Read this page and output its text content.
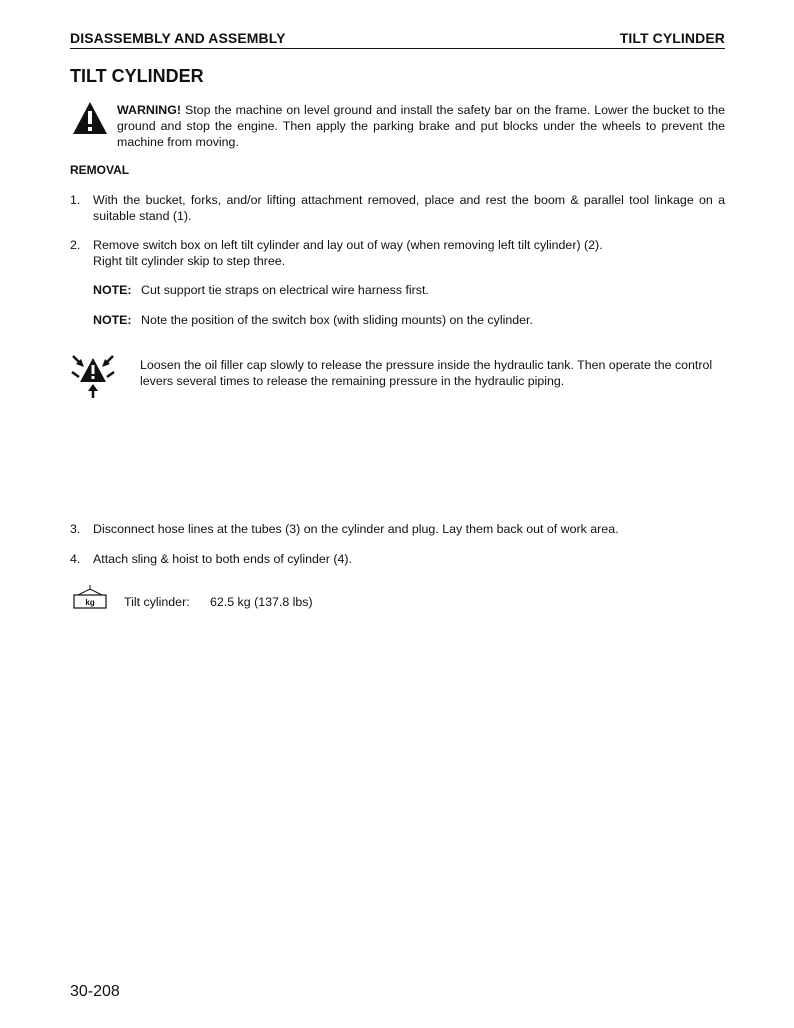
DISASSEMBLY AND ASSEMBLY	TILT CYLINDER
TILT CYLINDER
WARNING! Stop the machine on level ground and install the safety bar on the frame. Lower the bucket to the ground and stop the engine. Then apply the parking brake and put blocks under the wheels to prevent the machine from moving.
REMOVAL
1.	With the bucket, forks, and/or lifting attachment removed, place and rest the boom & parallel tool linkage on a suitable stand (1).
2.	Remove switch box on left tilt cylinder and lay out of way (when removing left tilt cylinder) (2).
Right tilt cylinder skip to step three.
NOTE: Cut support tie straps on electrical wire harness first.
NOTE: Note the position of the switch box (with sliding mounts) on the cylinder.
Loosen the oil filler cap slowly to release the pressure inside the hydraulic tank. Then operate the control levers several times to release the remaining pressure in the hydraulic piping.
3.	Disconnect hose lines at the tubes (3) on the cylinder and plug. Lay them back out of work area.
4.	Attach sling & hoist to both ends of cylinder (4).
kg Tilt cylinder: 62.5 kg (137.8 lbs)
30-208
